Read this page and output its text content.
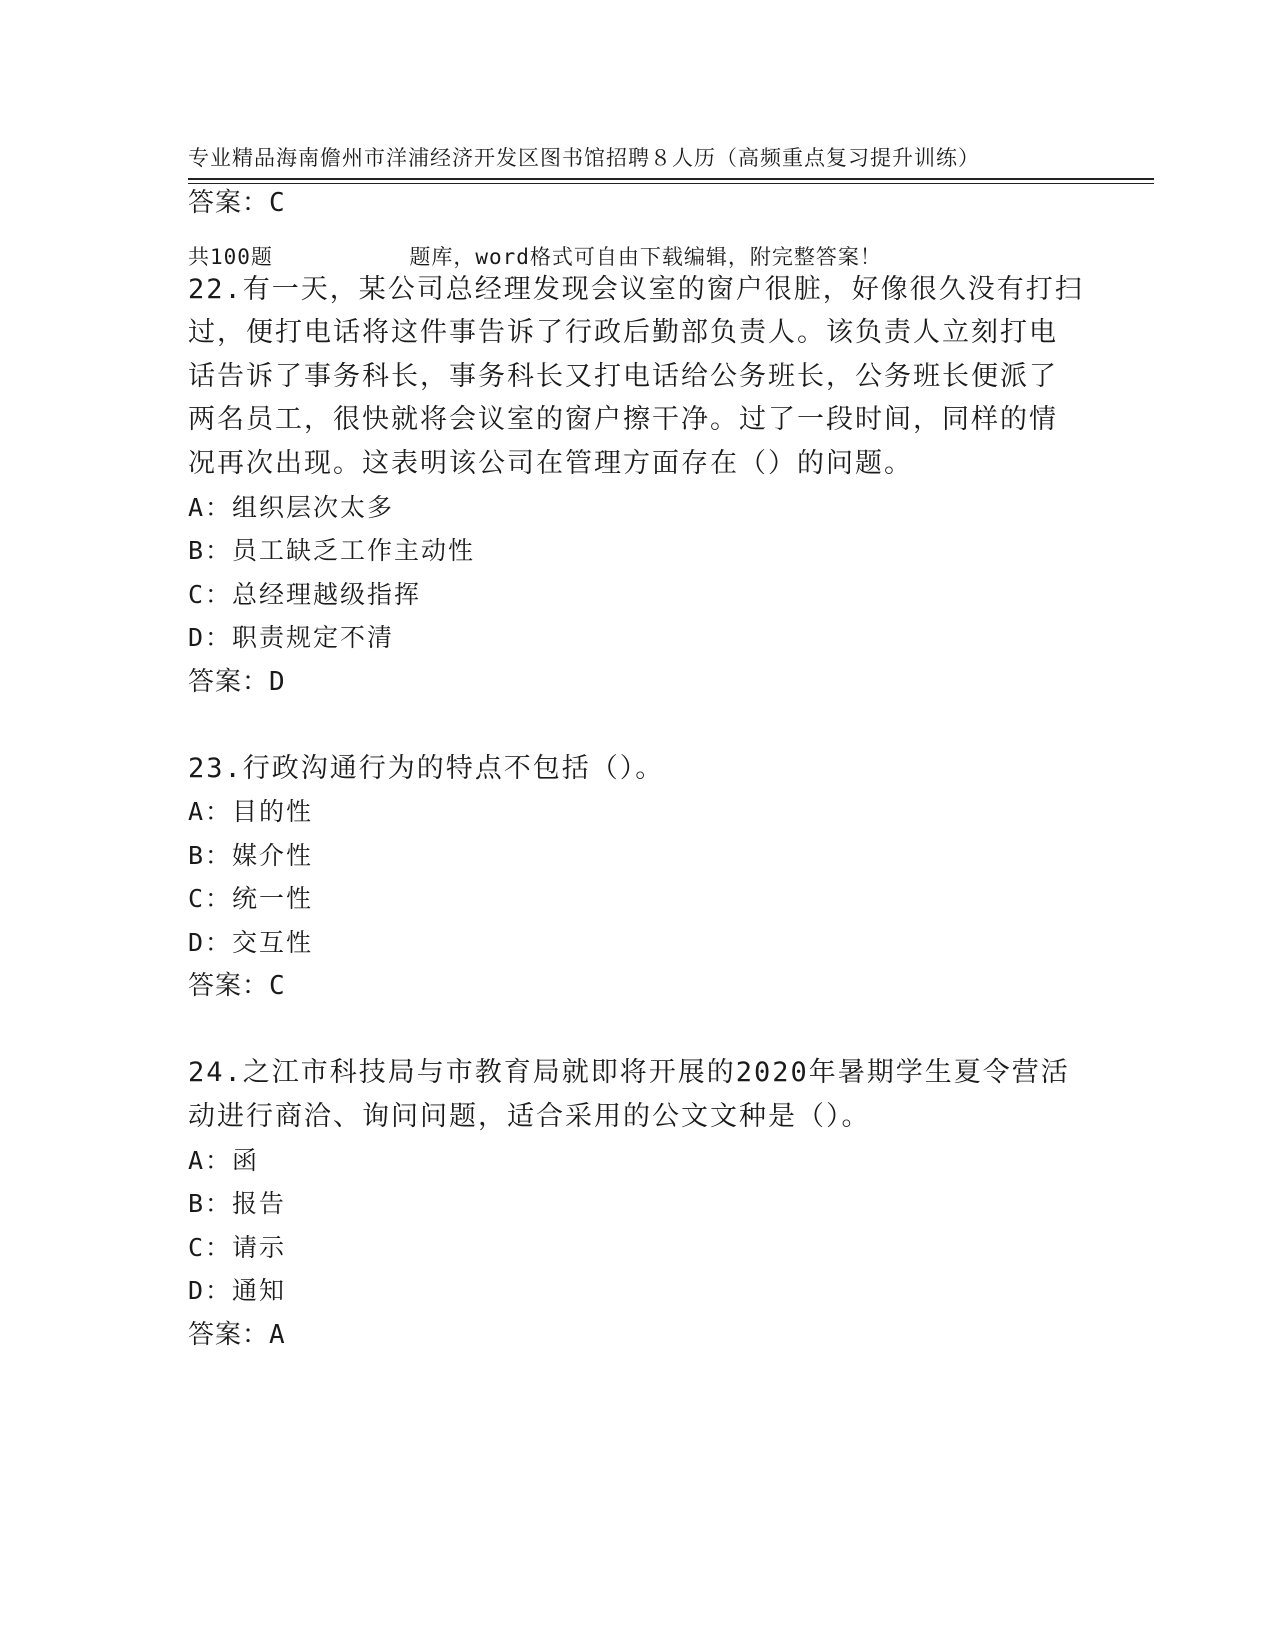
专业精品海南儋州市洋浦经济开发区图书馆招聘８人历（高频重点复习提升训练）

共100题          题库，word格式可自由下载编辑，附完整答案！

答案：C
22.有一天，某公司总经理发现会议室的窗户很脏，好像很久没有打扫
过，便打电话将这件事告诉了行政后勤部负责人。该负责人立刻打电
话告诉了事务科长，事务科长又打电话给公务班长，公务班长便派了
两名员工，很快就将会议室的窗户擦干净。过了一段时间，同样的情
况再次出现。这表明该公司在管理方面存在（）的问题。
A：组织层次太多
B：员工缺乏工作主动性
C：总经理越级指挥
D：职责规定不清
答案：D
23.行政沟通行为的特点不包括（）。
A：目的性
B：媒介性
C：统一性
D：交互性
答案：C
24.之江市科技局与市教育局就即将开展的2020年暑期学生夏令营活
动进行商洽、询问问题，适合采用的公文文种是（）。
A：函
B：报告
C：请示
D：通知
答案：A
